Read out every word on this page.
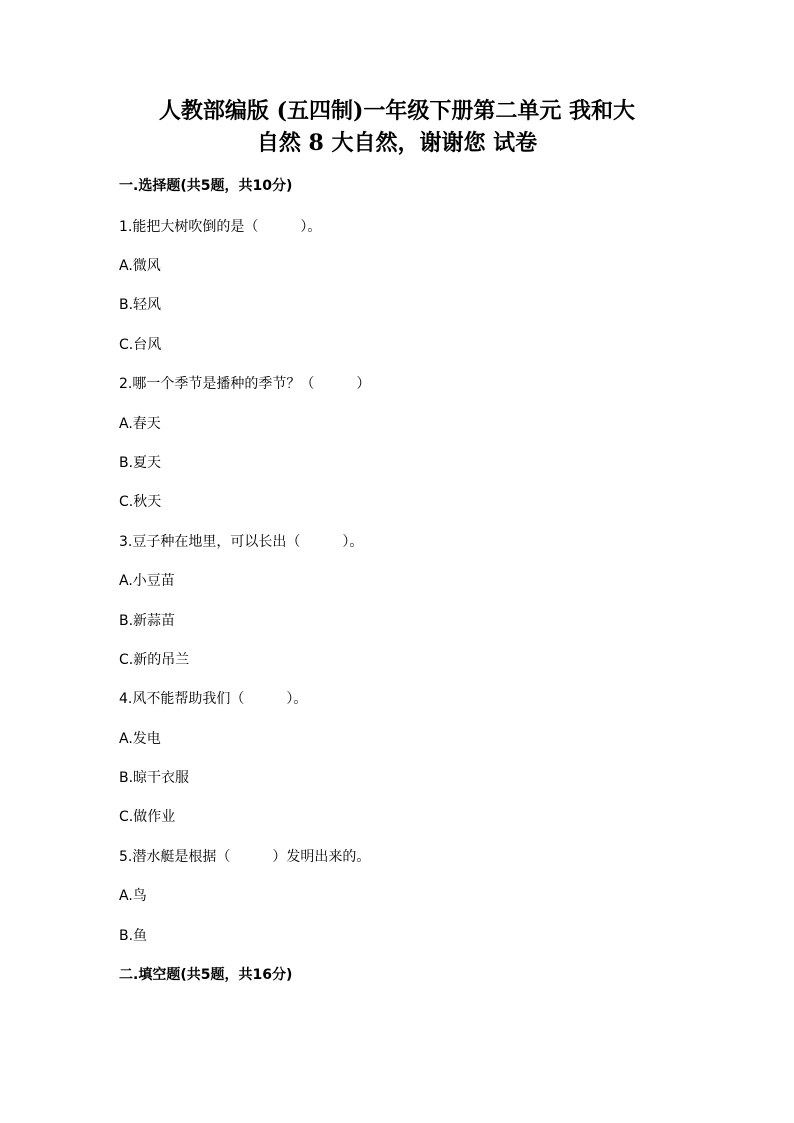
人教部编版 (五四制)一年级下册第二单元 我和大
自然 8 大自然，谢谢您 试卷
一.选择题(共5题，共10分)
1.能把大树吹倒的是（　　　）。
A.微风
B.轻风
C.台风
2.哪一个季节是播种的季节？（　　　）
A.春天
B.夏天
C.秋天
3.豆子种在地里，可以长出（　　　）。
A.小豆苗
B.新蒜苗
C.新的吊兰
4.风不能帮助我们（　　　）。
A.发电
B.晾干衣服
C.做作业
5.潜水艇是根据（　　　）发明出来的。
A.鸟
B.鱼
二.填空题(共5题，共16分)
